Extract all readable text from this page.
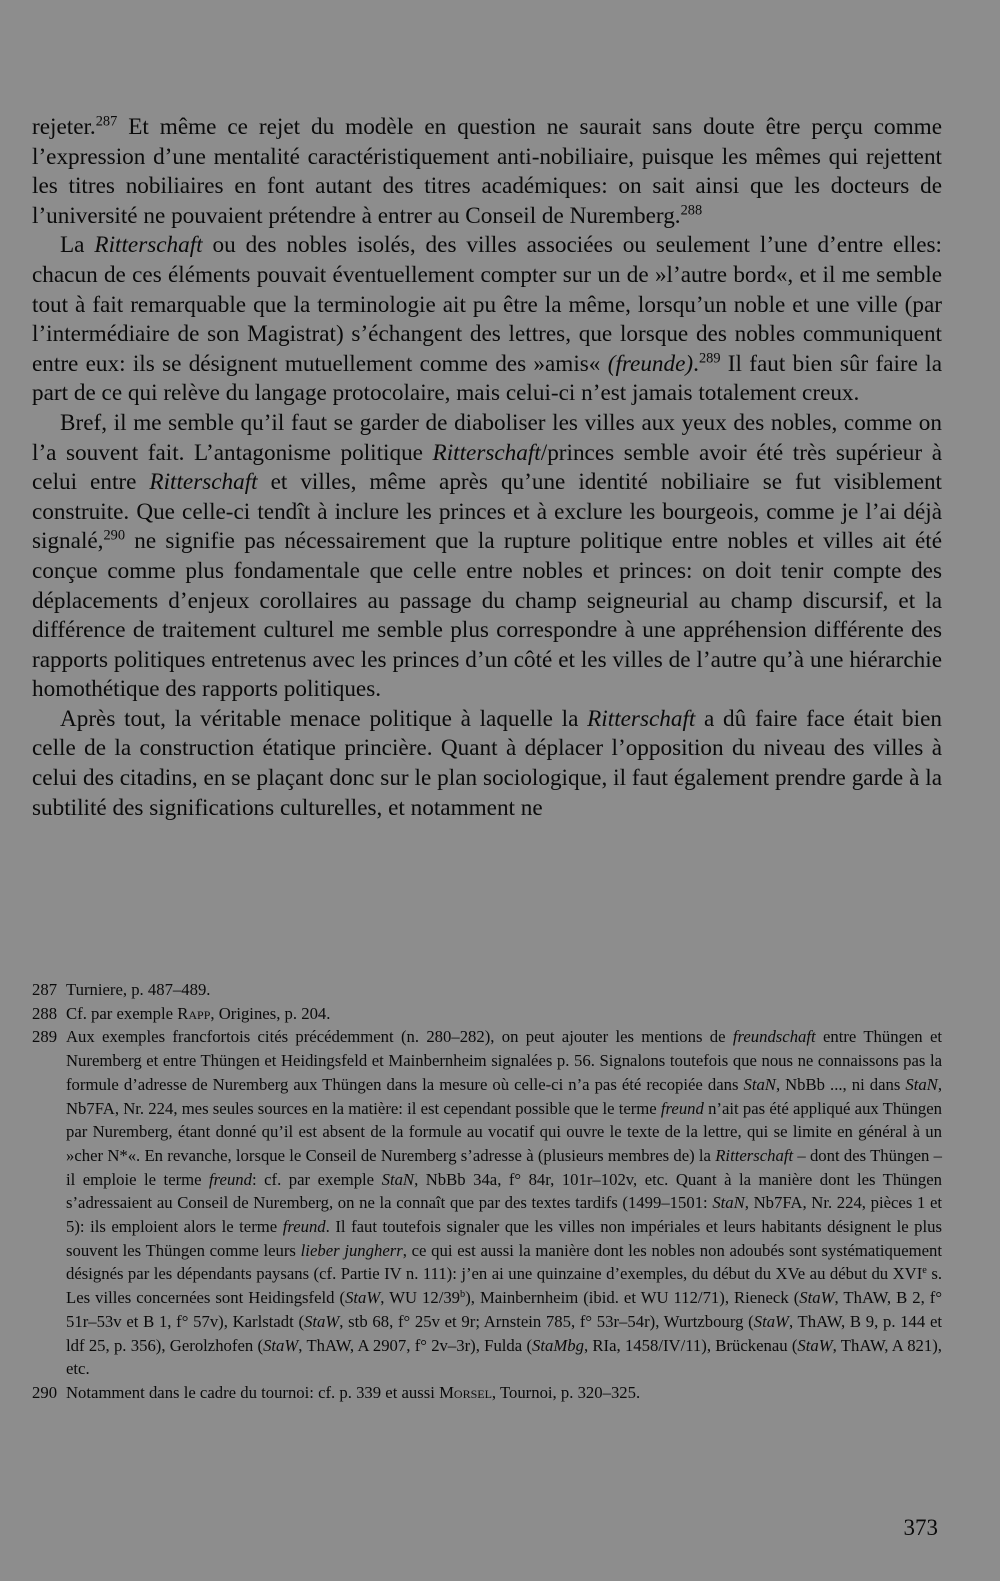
rejeter.$^{287}$ Et même ce rejet du modèle en question ne saurait sans doute être perçu comme l’expression d’une mentalité caractéristiquement anti-nobiliaire, puisque les mêmes qui rejettent les titres nobiliaires en font autant des titres académiques: on sait ainsi que les docteurs de l’université ne pouvaient prétendre à entrer au Conseil de Nuremberg.$^{288}$

La Ritterschaft ou des nobles isolés, des villes associées ou seulement l’une d’entre elles: chacun de ces éléments pouvait éventuellement compter sur un de »l’autre bord«, et il me semble tout à fait remarquable que la terminologie ait pu être la même, lorsqu’un noble et une ville (par l’intermédiaire de son Magistrat) s’échangent des lettres, que lorsque des nobles communiquent entre eux: ils se désignent mutuellement comme des »amis« (freunde).$^{289}$ Il faut bien sûr faire la part de ce qui relève du langage protocolaire, mais celui-ci n’est jamais totalement creux.

Bref, il me semble qu’il faut se garder de diaboliser les villes aux yeux des nobles, comme on l’a souvent fait. L’antagonisme politique Ritterschaft/princes semble avoir été très supérieur à celui entre Ritterschaft et villes, même après qu’une identité nobiliaire se fut visiblement construite. Que celle-ci tendît à inclure les princes et à exclure les bourgeois, comme je l’ai déjà signalé,$^{290}$ ne signifie pas nécessairement que la rupture politique entre nobles et villes ait été conçue comme plus fondamentale que celle entre nobles et princes: on doit tenir compte des déplacements d’enjeux corollaires au passage du champ seigneurial au champ discursif, et la différence de traitement culturel me semble plus correspondre à une appréhension différente des rapports politiques entretenus avec les princes d’un côté et les villes de l’autre qu’à une hiérarchie homothétique des rapports politiques.

Après tout, la véritable menace politique à laquelle la Ritterschaft a dû faire face était bien celle de la construction étatique princière. Quant à déplacer l’opposition du niveau des villes à celui des citadins, en se plaçant donc sur le plan sociologique, il faut également prendre garde à la subtilité des significations culturelles, et notamment ne

287 Turniere, p. 487–489.
288 Cf. par exemple Rapp, Origines, p. 204.
289 Aux exemples francfortois cités précédemment (n. 280–282), on peut ajouter les mentions de freundschaft entre Thüngen et Nuremberg et entre Thüngen et Heidingsfeld et Mainbernheim signalées p. 56. Signalons toutefois que nous ne connaissons pas la formule d’adresse de Nuremberg aux Thüngen dans la mesure où celle-ci n’a pas été recopiée dans StaN, NbBb ..., ni dans StaN, Nb7FA, Nr. 224, mes seules sources en la matière: il est cependant possible que le terme freund n’ait pas été appliqué aux Thüngen par Nuremberg, étant donné qu’il est absent de la formule au vocatif qui ouvre le texte de la lettre, qui se limite en général à un »cher N*«. En revanche, lorsque le Conseil de Nuremberg s’adresse à (plusieurs membres de) la Ritterschaft – dont des Thüngen – il emploie le terme freund: cf. par exemple StaN, NbBb 34a, f° 84r, 101r–102v, etc. Quant à la manière dont les Thüngen s’adressaient au Conseil de Nuremberg, on ne la connaît que par des textes tardifs (1499–1501: StaN, Nb7FA, Nr. 224, pièces 1 et 5): ils emploient alors le terme freund. Il faut toutefois signaler que les villes non impériales et leurs habitants désignent le plus souvent les Thüngen comme leurs lieber jungherr, ce qui est aussi la manière dont les nobles non adoubés sont systématiquement désignés par les dépendants paysans (cf. Partie IV n. 111): j’en ai une quinzaine d’exemples, du début du XVe au début du XVIe s. Les villes concernées sont Heidingsfeld (StaW, WU 12/39$^b$), Mainbernheim (ibid. et WU 112/71), Rieneck (StaW, ThAW, B 2, f° 51r–53v et B 1, f° 57v), Karlstadt (StaW, stb 68, f° 25v et 9r; Arnstein 785, f° 53r–54r), Wurtzbourg (StaW, ThAW, B 9, p. 144 et ldf 25, p. 356), Gerolzhofen (StaW, ThAW, A 2907, f° 2v–3r), Fulda (StaMbg, RIa, 1458/IV/11), Brückenau (StaW, ThAW, A 821), etc.
290 Notamment dans le cadre du tournoi: cf. p. 339 et aussi Morsel, Tournoi, p. 320–325.
373
